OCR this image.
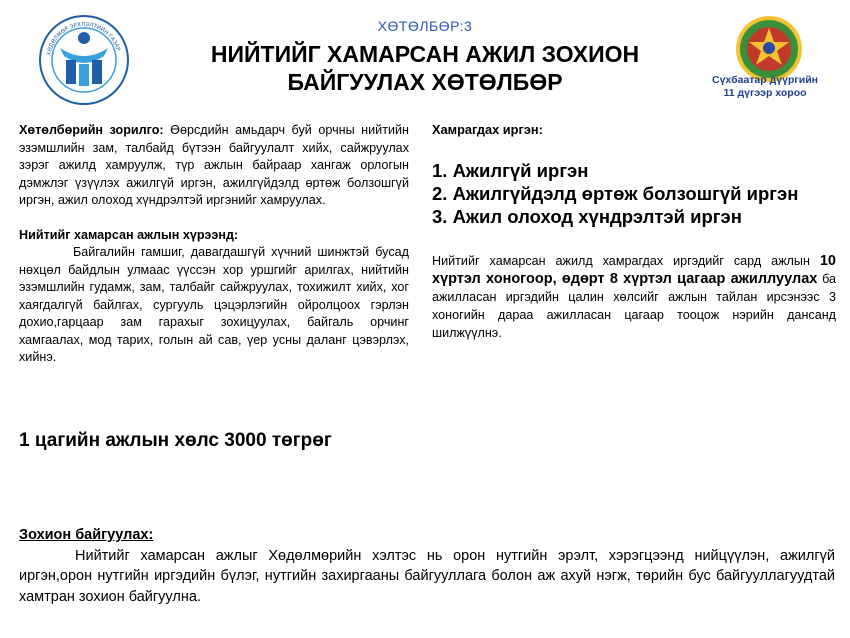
ХӨДӨЛМӨР ЭРХЛЭЛТИЙН ГАЗАР
ХӨТӨЛБӨР:3
НИЙТИЙГ ХАМАРСАН АЖИЛ ЗОХИОН
БАЙГУУЛАХ ХӨТӨЛБӨР	Сүхбаатар дүүргийн
11 дүгээр хороо

Хөтөлбөрийн зорилго: Өөрсдийн амьдарч буй орчны нийтийн эзэмшлийн зам, талбайд бүтээн байгуулалт хийх, сайжруулах зэрэг ажилд хамруулж, түр ажлын байраар хангаж орлогын дэмжлэг үзүүлэх ажилгүй иргэн, ажилгүйдэлд өртөж болзошгүй иргэн, ажил олоход хүндрэлтэй иргэнийг хамруулах.

Нийтийг хамарсан ажлын хүрээнд:

Байгалийн гамшиг, давагдашгүй хүчний шинжтэй бусад нөхцөл байдлын улмаас үүссэн хор уршгийг арилгах, нийтийн эзэмшлийн гудамж, зам, талбайг сайжруулах, тохижилт хийх, хог хаягдалгүй байлгах, сургууль цэцэрлэгийн ойролцоох гэрлэн дохио,гарцаар зам гарахыг зохицуулах, байгаль орчинг хамгаалах, мод тарих, голын ай сав, үер усны даланг цэвэрлэх, хийнэ.

1 цагийн ажлын хөлс 3000 төгрөг
Хамрагдах иргэн:
1. Ажилгүй иргэн
2. Ажилгүйдэлд өртөж болзошгүй иргэн
3. Ажил олоход хүндрэлтэй иргэн

Нийтийг хамарсан ажилд хамрагдах иргэдийг сард ажлын 10 хүртэл хоногоор, өдөрт 8 хүртэл цагаар ажиллуулах ба ажилласан иргэдийн цалин хөлсийг ажлын тайлан ирсэнээс 3 хоногийн дараа ажилласан цагаар тооцож нэрийн дансанд шилжүүлнэ.

Зохион байгуулах:

Нийтийг хамарсан ажлыг Хөдөлмөрийн хэлтэс нь орон нутгийн эрэлт, хэрэгцээнд нийцүүлэн, ажилгүй иргэн,орон нутгийн иргэдийн бүлэг, нутгийн захиргааны байгууллага болон аж ахуй нэгж, төрийн бус байгууллагуудтай хамтран зохион байгуулна.
